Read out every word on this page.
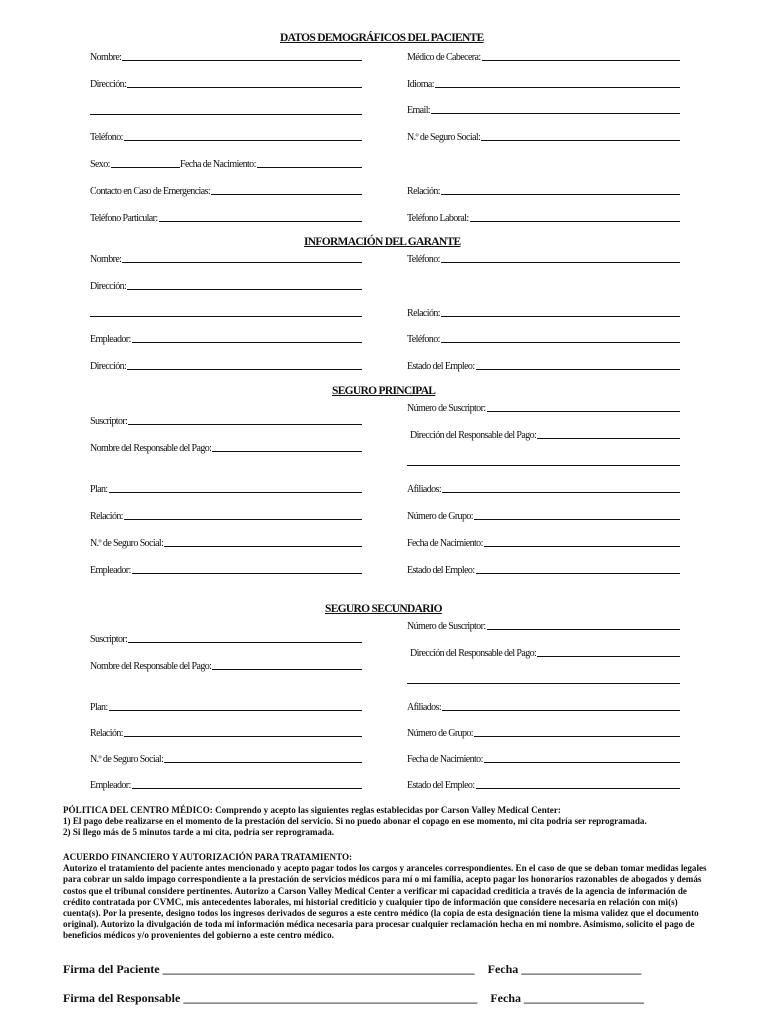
DATOS DEMOGRÁFICOS DEL PACIENTE
Nombre:	Médico de Cabecera:
Dirección:	Idioma:
Email:
Teléfono:	N.º de Seguro Social:
Sexo:	Fecha de Nacimiento:
Contacto en Caso de Emergencias:	Relación:
Teléfono Particular:	Teléfono Laboral:
INFORMACIÓN DEL GARANTE
Nombre:	Teléfono:
Dirección:
Relación:
Empleador:	Teléfono:
Dirección:	Estado del Empleo:
SEGURO PRINCIPAL
Número de Suscriptor:
Suscriptor:
Dirección del Responsable del Pago:
Nombre del Responsable del Pago:
Plan:	Afiliados:
Relación:	Número de Grupo:
N.º de Seguro Social:	Fecha de Nacimiento:
Empleador:	Estado del Empleo:
SEGURO SECUNDARIO
Número de Suscriptor:
Suscriptor:
Dirección del Responsable del Pago:
Nombre del Responsable del Pago:
Plan:	Afiliados:
Relación:	Número de Grupo:
N.º de Seguro Social:	Fecha de Nacimiento:
Empleador:	Estado del Empleo:
PÓLITICA DEL CENTRO MÉDICO: Comprendo y acepto las siguientes reglas establecidas por Carson Valley Medical Center:
1) El pago debe realizarse en el momento de la prestación del servicio. Si no puedo abonar el copago en ese momento, mi cita podría ser reprogramada.
2) Si llego más de 5 minutos tarde a mi cita, podría ser reprogramada.
ACUERDO FINANCIERO Y AUTORIZACIÓN PARA TRATAMIENTO:
Autorizo el tratamiento del paciente antes mencionado y acepto pagar todos los cargos y aranceles correspondientes. En el caso de que se deban tomar medidas legales para cobrar un saldo impago correspondiente a la prestación de servicios médicos para mí o mi familia, acepto pagar los honorarios razonables de abogados y demás costos que el tribunal considere pertinentes. Autorizo a Carson Valley Medical Center a verificar mi capacidad crediticia a través de la agencia de información de crédito contratada por CVMC, mis antecedentes laborales, mi historial crediticio y cualquier tipo de información que considere necesaria en relación con mi(s) cuenta(s). Por la presente, designo todos los ingresos derivados de seguros a este centro médico (la copia de esta designación tiene la misma validez que el documento original). Autorizo la divulgación de toda mi información médica necesaria para procesar cualquier reclamación hecha en mi nombre. Asimismo, solicito el pago de beneficios médicos y/o provenientes del gobierno a este centro médico.
Firma del Paciente ____________________________________________________ Fecha ____________________
Firma del Responsable _________________________________________________ Fecha ____________________
